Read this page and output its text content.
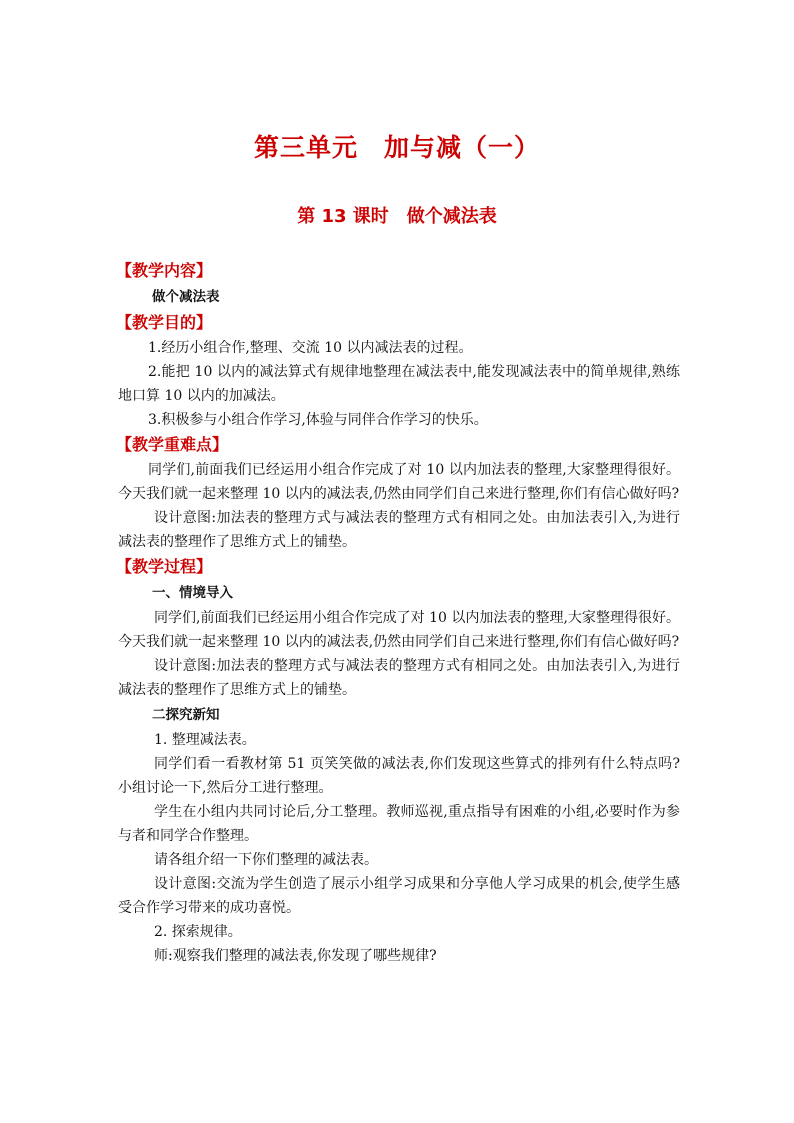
第三单元　加与减（一）
第 13 课时　做个减法表
【教学内容】
做个减法表
【教学目的】

1.经历小组合作,整理、交流 10 以内减法表的过程。

2.能把 10 以内的减法算式有规律地整理在减法表中,能发现减法表中的简单规律,熟练地口算 10 以内的加减法。

3.积极参与小组合作学习,体验与同伴合作学习的快乐。

【教学重难点】

同学们,前面我们已经运用小组合作完成了对 10 以内加法表的整理,大家整理得很好。今天我们就一起来整理 10 以内的减法表,仍然由同学们自己来进行整理,你们有信心做好吗?

设计意图:加法表的整理方式与减法表的整理方式有相同之处。由加法表引入,为进行减法表的整理作了思维方式上的铺垫。

【教学过程】
一、情境导入

同学们,前面我们已经运用小组合作完成了对 10 以内加法表的整理,大家整理得很好。今天我们就一起来整理 10 以内的减法表,仍然由同学们自己来进行整理,你们有信心做好吗?

设计意图:加法表的整理方式与减法表的整理方式有相同之处。由加法表引入,为进行减法表的整理作了思维方式上的铺垫。

二探究新知

1. 整理减法表。

同学们看一看教材第 51 页笑笑做的减法表,你们发现这些算式的排列有什么特点吗?小组讨论一下,然后分工进行整理。

学生在小组内共同讨论后,分工整理。教师巡视,重点指导有困难的小组,必要时作为参与者和同学合作整理。

请各组介绍一下你们整理的减法表。

设计意图:交流为学生创造了展示小组学习成果和分享他人学习成果的机会,使学生感受合作学习带来的成功喜悦。

2. 探索规律。

师:观察我们整理的减法表,你发现了哪些规律?
